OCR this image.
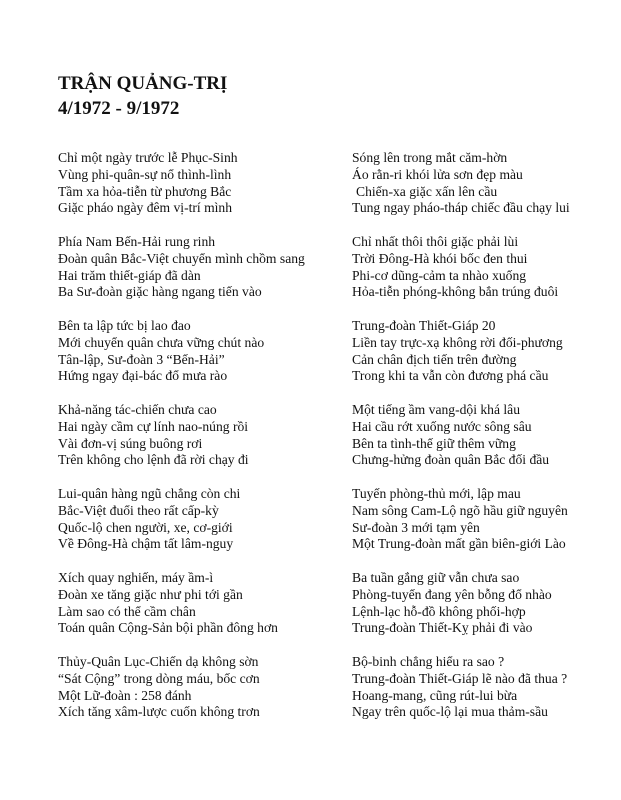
TRẬN QUẢNG-TRỊ
4/1972 - 9/1972
Chỉ một ngày trước lễ Phục-Sinh
Vùng phi-quân-sự nổ thình-lình
Tầm xa hỏa-tiễn từ phương Bắc
Giặc pháo ngày đêm vị-trí mình
Phía Nam Bến-Hải rung rinh
Đoàn quân Bắc-Việt chuyển mình chồm sang
Hai trăm thiết-giáp đã dàn
Ba Sư-đoàn giặc hàng ngang tiến vào
Bên ta lập tức bị lao đao
Mới chuyển quân chưa vững chút nào
Tân-lập, Sư-đoàn 3 “Bến-Hải”
Hứng ngay đại-bác đổ mưa rào
Khả-năng tác-chiến chưa cao
Hai ngày cầm cự lính nao-núng rồi
Vài đơn-vị súng buông rơi
Trên không cho lệnh đã rời chạy đi
Lui-quân hàng ngũ chẳng còn chi
Bắc-Việt đuổi theo rất cấp-kỳ
Quốc-lộ chen người, xe, cơ-giới
Về Đông-Hà chậm tất lâm-nguy
Xích quay nghiến, máy ầm-ì
Đoàn xe tăng giặc như phi tới gần
Làm sao có thể cầm chân
Toán quân Cộng-Sản bội phần đông hơn
Thủy-Quân Lục-Chiến dạ không sờn
“Sát Cộng” trong dòng máu, bốc cơn
Một Lữ-đoàn : 258 đánh
Xích tăng xâm-lược cuốn không trơn
Sóng lên trong mắt căm-hờn
Áo rằn-ri khói lửa sơn đẹp màu
Chiến-xa giặc xấn lên cầu
Tung ngay pháo-tháp chiếc đầu chạy lui
Chỉ nhất thôi thôi giặc phải lùi
Trời Đông-Hà khói bốc đen thui
Phi-cơ dũng-cảm ta nhào xuống
Hỏa-tiễn phóng-không bắn trúng đuôi
Trung-đoàn Thiết-Giáp 20
Liền tay trực-xạ không rời đối-phương
Cản chân địch tiến trên đường
Trong khi ta vẫn còn đương phá cầu
Một tiếng ầm vang-dội khá lâu
Hai cầu rớt xuống nước sông sâu
Bên ta tình-thế giữ thêm vững
Chưng-hửng đoàn quân Bắc đối đầu
Tuyến phòng-thủ mới, lập mau
Nam sông Cam-Lộ ngõ hầu giữ nguyên
Sư-đoàn 3 mới tạm yên
Một Trung-đoàn mất gần biên-giới Lào
Ba tuần gắng giữ vẫn chưa sao
Phòng-tuyến đang yên bỗng đổ nhào
Lệnh-lạc hỗ-đồ không phối-hợp
Trung-đoàn Thiết-Kỵ phải đi vào
Bộ-binh chẳng hiểu ra sao ?
Trung-đoàn Thiết-Giáp lẽ nào đã thua ?
Hoang-mang, cũng rút-lui bừa
Ngay trên quốc-lộ lại mua thảm-sầu
